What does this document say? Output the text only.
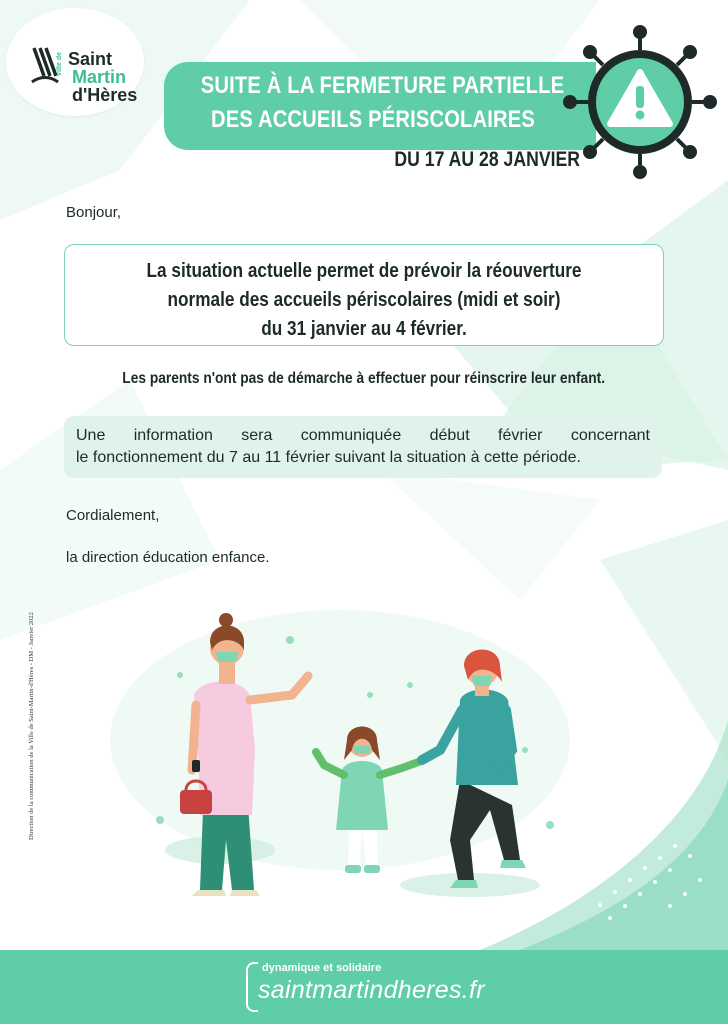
Ville de Saint
Martin
d'Hères	SUITE À LA FERMETURE PARTIELLE
DES ACCUEILS PÉRISCOLAIRES
DU 17 AU 28 JANVIER
Bonjour,
La situation actuelle permet de prévoir la réouverture
normale des accueils périscolaires (midi et soir)
du 31 janvier au 4 février.
Les parents n'ont pas de démarche à effectuer pour réinscrire leur enfant.
Une information sera communiquée début février concernant
le fonctionnement du 7 au 11 février suivant la situation à cette période.
Cordialement,
la direction éducation enfance.
Direction de la communication de la Ville de Saint-Martin-d'Hères - DM - Janvier 2022
dynamique et solidaire
saintmartindheres.fr
